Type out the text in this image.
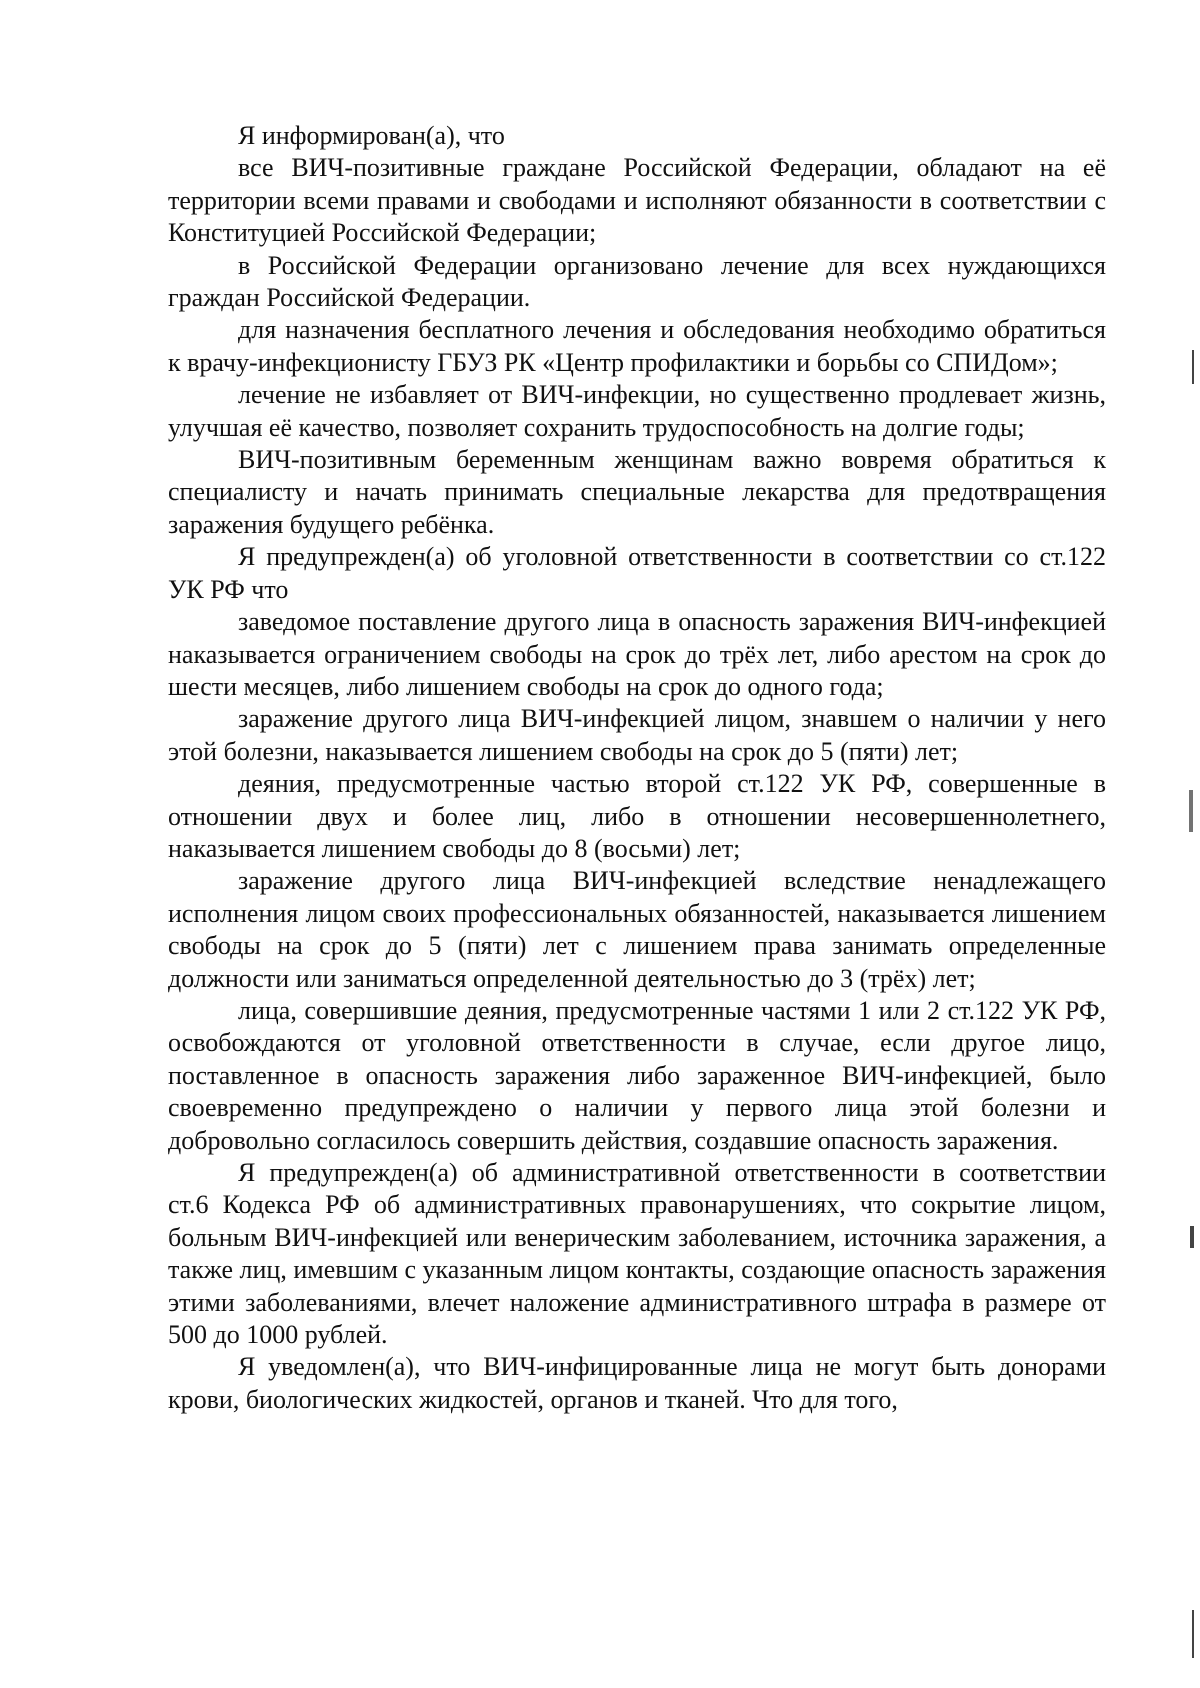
Я информирован(а), что

все ВИЧ-позитивные граждане Российской Федерации, обладают на её территории всеми правами и свободами и исполняют обязанности в соответствии с Конституцией Российской Федерации;

в Российской Федерации организовано лечение для всех нуждающихся граждан Российской Федерации.

для назначения бесплатного лечения и обследования необходимо обратиться к врачу-инфекционисту ГБУЗ РК «Центр профилактики и борьбы со СПИДом»;

лечение не избавляет от ВИЧ-инфекции, но существенно продлевает жизнь, улучшая её качество, позволяет сохранить трудоспособность на долгие годы;

ВИЧ-позитивным беременным женщинам важно вовремя обратиться к специалисту и начать принимать специальные лекарства для предотвращения заражения будущего ребёнка.

Я предупрежден(а) об уголовной ответственности в соответствии со ст.122 УК РФ что

заведомое поставление другого лица в опасность заражения ВИЧ-инфекцией наказывается ограничением свободы на срок до трёх лет, либо арестом на срок до шести месяцев, либо лишением свободы на срок до одного года;

заражение другого лица ВИЧ-инфекцией лицом, знавшем о наличии у него этой болезни, наказывается лишением свободы на срок до 5 (пяти) лет;

деяния, предусмотренные частью второй ст.122 УК РФ, совершенные в отношении двух и более лиц, либо в отношении несовершеннолетнего, наказывается лишением свободы до 8 (восьми) лет;

заражение другого лица ВИЧ-инфекцией вследствие ненадлежащего исполнения лицом своих профессиональных обязанностей, наказывается лишением свободы на срок до 5 (пяти) лет с лишением права занимать определенные должности или заниматься определенной деятельностью до 3 (трёх) лет;

лица, совершившие деяния, предусмотренные частями 1 или 2 ст.122 УК РФ, освобождаются от уголовной ответственности в случае, если другое лицо, поставленное в опасность заражения либо зараженное ВИЧ-инфекцией, было своевременно предупреждено о наличии у первого лица этой болезни и добровольно согласилось совершить действия, создавшие опасность заражения.

Я предупрежден(а) об административной ответственности в соответствии ст.6 Кодекса РФ об административных правонарушениях, что сокрытие лицом, больным ВИЧ-инфекцией или венерическим заболеванием, источника заражения, а также лиц, имевшим с указанным лицом контакты, создающие опасность заражения этими заболеваниями, влечет наложение административного штрафа в размере от 500 до 1000 рублей.

Я уведомлен(а), что ВИЧ-инфицированные лица не могут быть донорами крови, биологических жидкостей, органов и тканей. Что для того,
